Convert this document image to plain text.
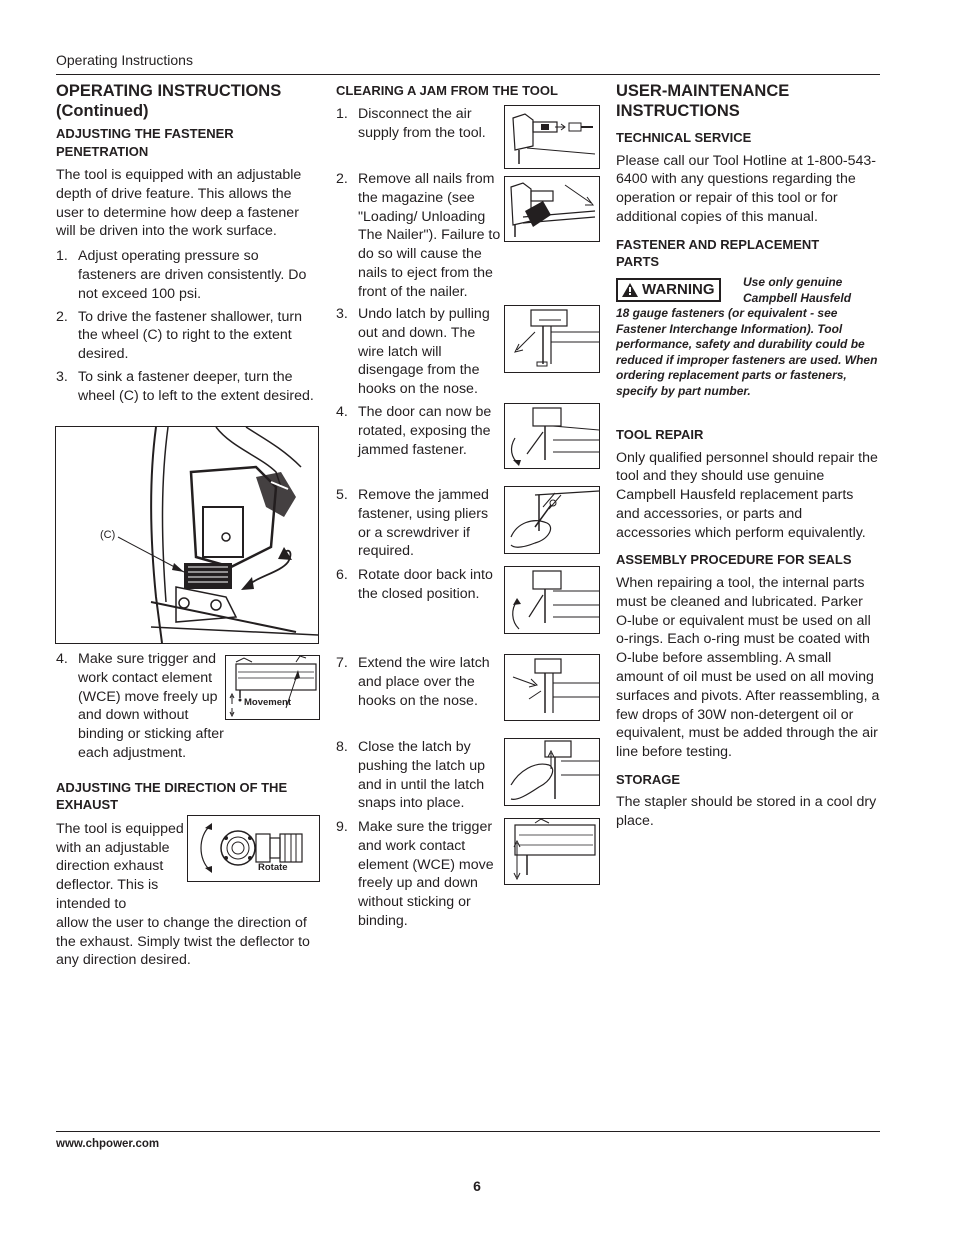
Operating Instructions
OPERATING INSTRUCTIONS (Continued)
ADJUSTING THE FASTENER PENETRATION

The tool is equipped with an adjustable depth of drive feature. This allows the user to determine how deep a fastener will be driven into the work surface.

1. Adjust operating pressure so fasteners are driven consistently. Do not exceed 100 psi.
2. To drive the fastener shallower, turn the wheel (C) to right to the extent desired.
3. To sink a fastener deeper, turn the wheel (C) to left to the extent desired.
(C)
4. Make sure trigger and work contact element (WCE) move freely up and down without binding or sticking after each adjustment.
ADJUSTING THE DIRECTION OF THE EXHAUST

The tool is equipped with an adjustable direction exhaust deflector. This is intended to

allow the user to change the direction of the exhaust. Simply twist the deflector to any direction desired.

Movement
Rotate
CLEARING A JAM FROM THE TOOL
1. Disconnect the air supply from the tool.
2. Remove all nails from the magazine (see "Loading/ Unloading The Nailer"). Failure to do so will cause the nails to eject from the front of the nailer.
3. Undo latch by pulling out and down. The wire latch will disengage from the hooks on the nose.
4. The door can now be rotated, exposing the jammed fastener.
5. Remove the jammed fastener, using pliers or a screwdriver if required.
6. Rotate door back into the closed position.
7. Extend the wire latch and place over the hooks on the nose.
8. Close the latch by pushing the latch up and in until the latch snaps into place.
9. Make sure the trigger and work contact element (WCE) move freely up and down without sticking or binding.
USER-MAINTENANCE INSTRUCTIONS
TECHNICAL SERVICE

Please call our Tool Hotline at 1-800-543-6400 with any questions regarding the operation or repair of this tool or for additional copies of this manual.

FASTENER AND REPLACEMENT PARTS
WARNING Use only genuine Campbell Hausfeld
18 gauge fasteners (or equivalent - see Fastener Interchange Information). Tool performance, safety and durability could be reduced if improper fasteners are used. When ordering replacement parts or fasteners, specify by part number.
TOOL REPAIR

Only qualified personnel should repair the tool and they should use genuine Campbell Hausfeld replacement parts and accessories, or parts and accessories which perform equivalently.

ASSEMBLY PROCEDURE FOR SEALS

When repairing a tool, the internal parts must be cleaned and lubricated. Parker O-lube or equivalent must be used on all o-rings. Each o-ring must be coated with O-lube before assembling. A small amount of oil must be used on all moving surfaces and pivots. After reassembling, a few drops of 30W non-detergent oil or equivalent, must be added through the air line before testing.

STORAGE

The stapler should be stored in a cool dry place.

www.chpower.com
6
